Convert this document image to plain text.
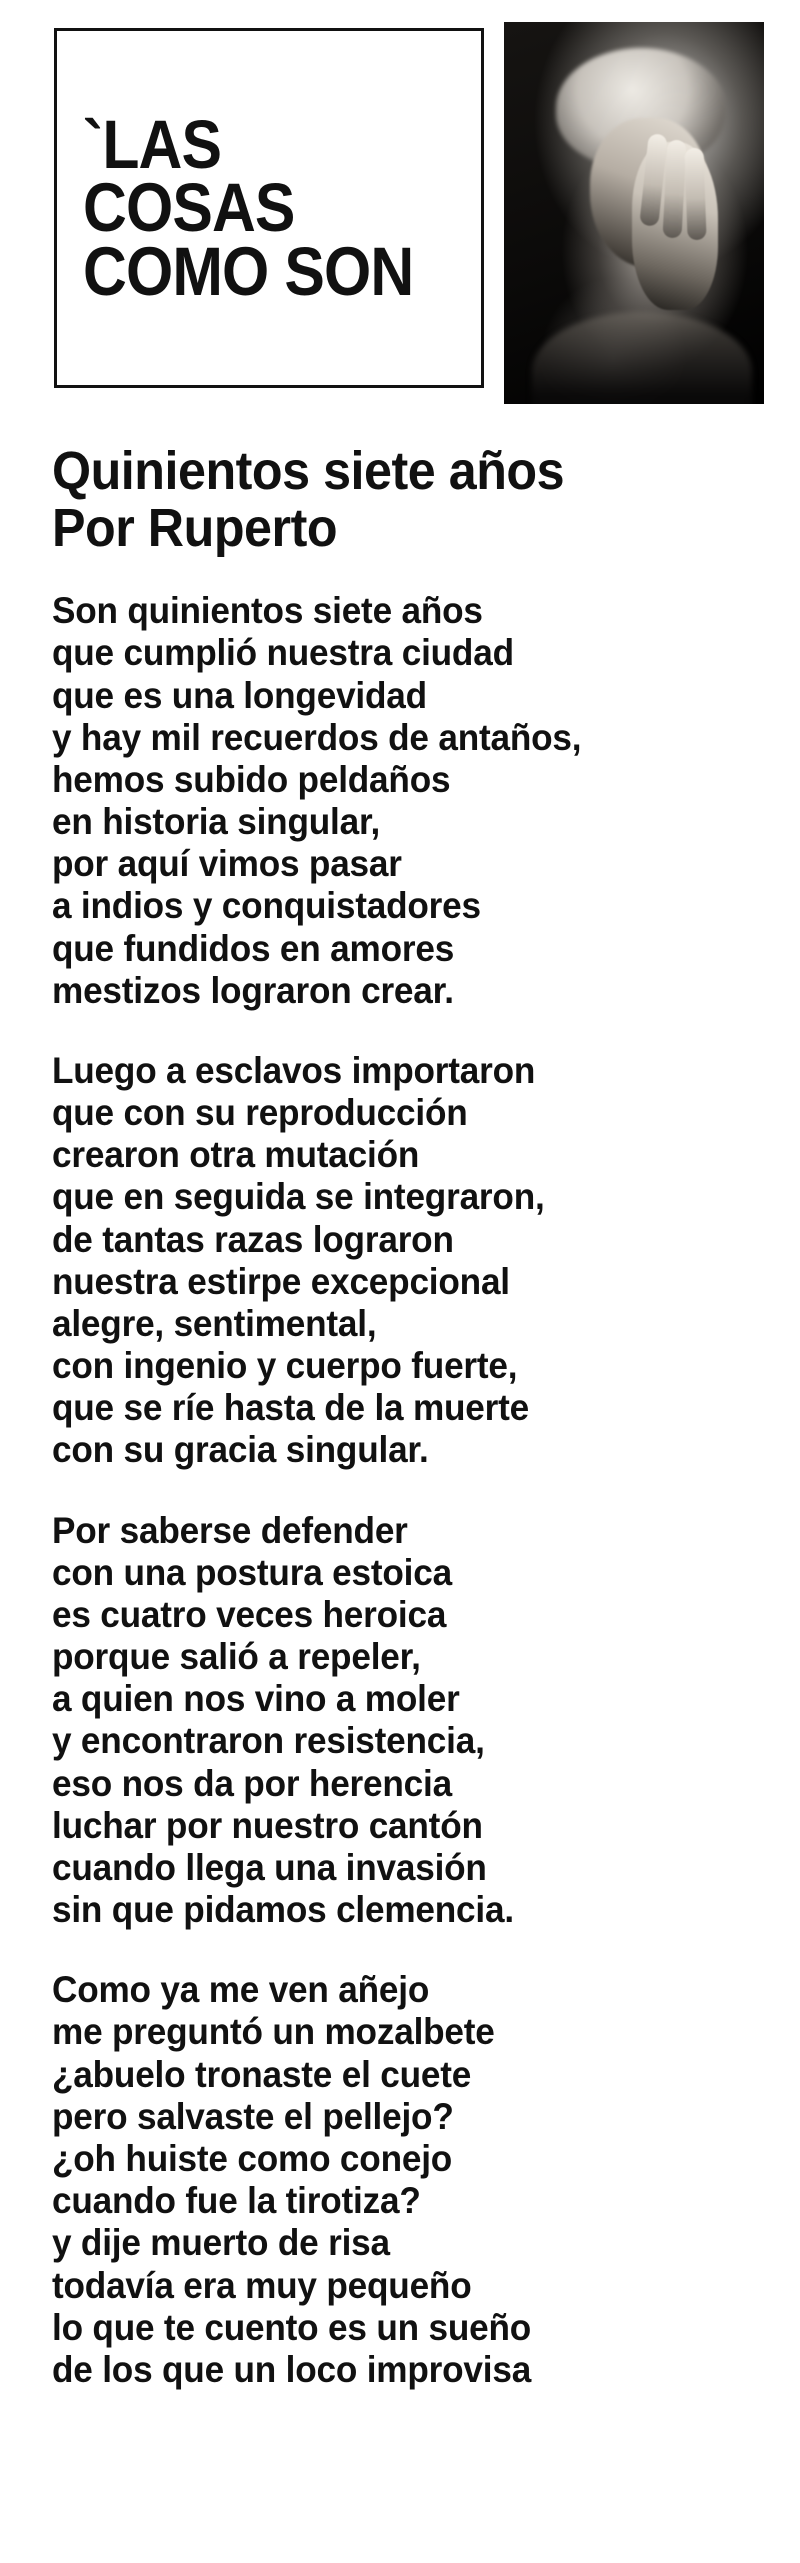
`LAS
COSAS
COMO SON
Quinientos siete años
Por Ruperto
Son quinientos siete años
que cumplió nuestra ciudad
que es una longevidad
y hay mil recuerdos de antaños,
hemos subido peldaños
en historia singular,
por aquí vimos pasar
a indios y conquistadores
que fundidos en amores
mestizos lograron crear.
Luego a esclavos importaron
que con su reproducción
crearon otra mutación
que en seguida se integraron,
de tantas razas lograron
nuestra estirpe excepcional
alegre, sentimental,
con ingenio y cuerpo fuerte,
que se ríe hasta de la muerte
con su gracia singular.
Por saberse defender
con una postura estoica
es cuatro veces heroica
porque salió a repeler,
a quien nos vino a moler
y encontraron resistencia,
eso nos da por herencia
luchar por nuestro cantón
cuando llega una invasión
sin que pidamos clemencia.
Como ya me ven añejo
me preguntó un mozalbete
¿abuelo tronaste el cuete
pero salvaste el pellejo?
¿oh huiste como conejo
cuando fue la tirotiza?
y dije muerto de risa
todavía era muy pequeño
lo que te cuento es un sueño
de los que un loco improvisa
